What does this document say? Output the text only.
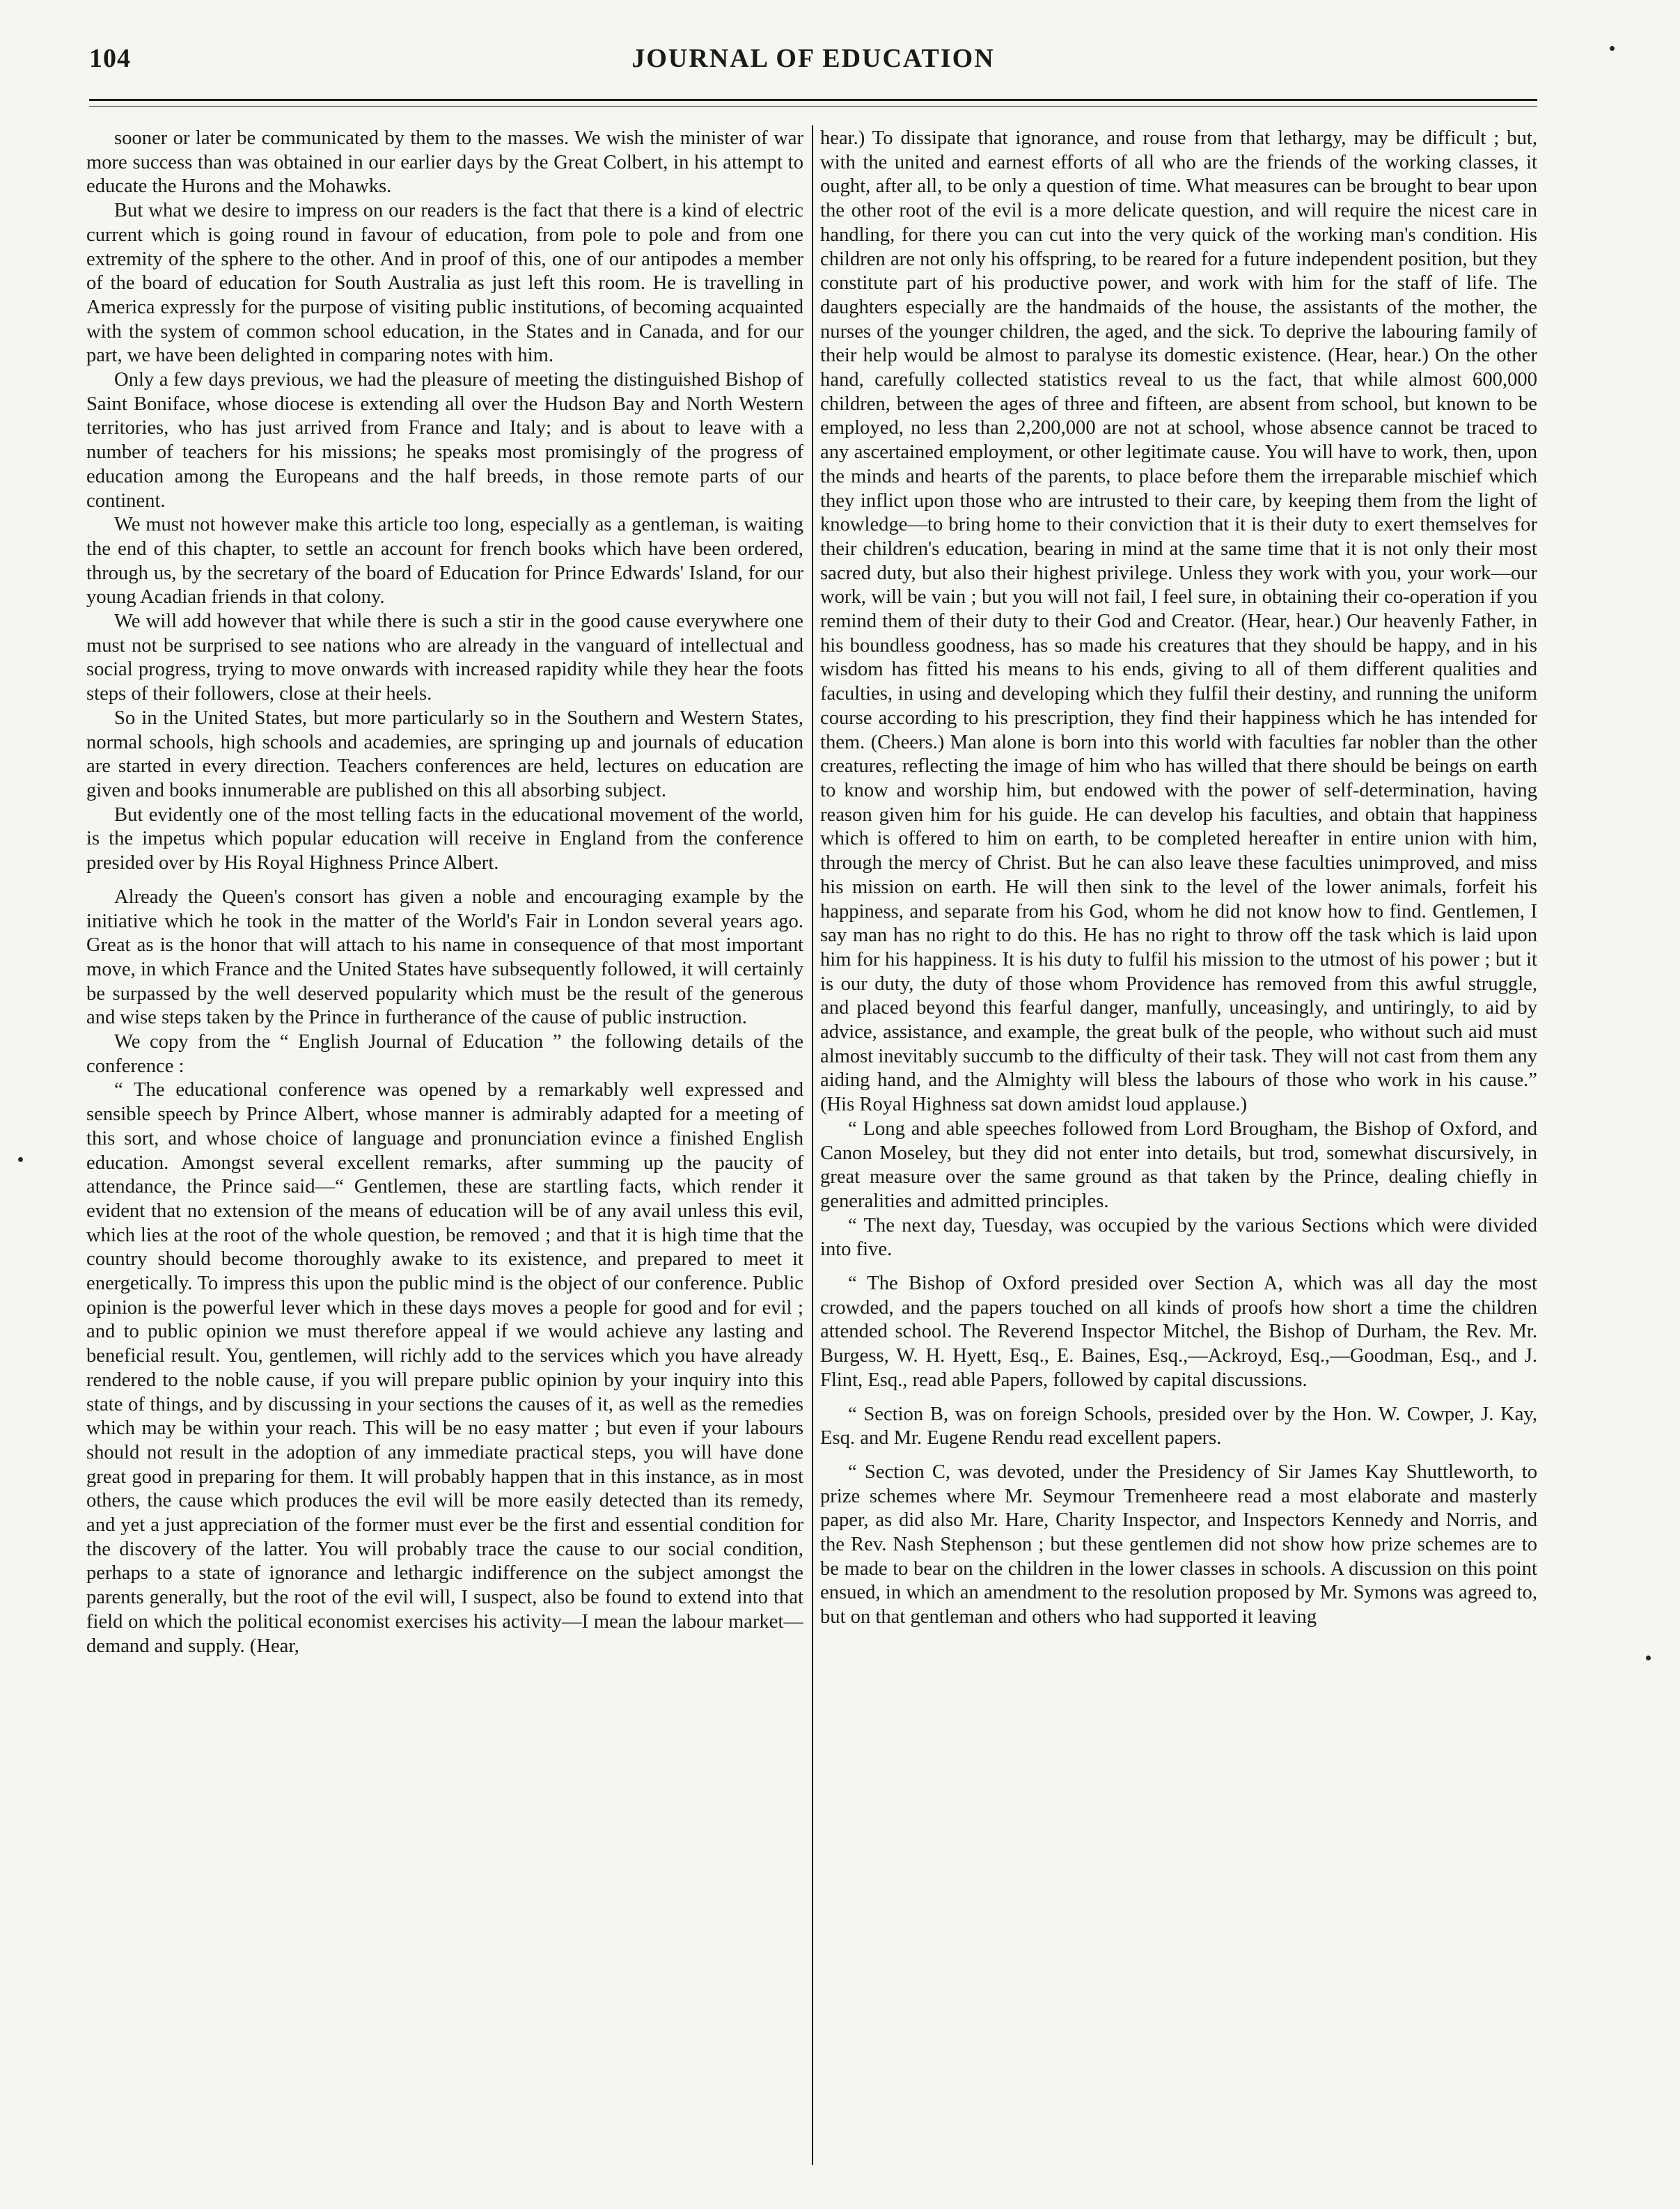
104	JOURNAL OF EDUCATION

sooner or later be communicated by them to the masses. We wish the minister of war more success than was obtained in our earlier days by the Great Colbert, in his attempt to educate the Hurons and the Mohawks.

But what we desire to impress on our readers is the fact that there is a kind of electric current which is going round in favour of education, from pole to pole and from one extremity of the sphere to the other. And in proof of this, one of our antipodes a member of the board of education for South Australia as just left this room. He is travelling in America expressly for the purpose of visiting public institutions, of becoming acquainted with the system of common school education, in the States and in Canada, and for our part, we have been delighted in comparing notes with him.

Only a few days previous, we had the pleasure of meeting the distinguished Bishop of Saint Boniface, whose diocese is extending all over the Hudson Bay and North Western territories, who has just arrived from France and Italy; and is about to leave with a number of teachers for his missions; he speaks most promisingly of the progress of education among the Europeans and the half breeds, in those remote parts of our continent.

We must not however make this article too long, especially as a gentleman, is waiting the end of this chapter, to settle an account for french books which have been ordered, through us, by the secretary of the board of Education for Prince Edwards' Island, for our young Acadian friends in that colony.

We will add however that while there is such a stir in the good cause everywhere one must not be surprised to see nations who are already in the vanguard of intellectual and social progress, trying to move onwards with increased rapidity while they hear the foots steps of their followers, close at their heels.

So in the United States, but more particularly so in the Southern and Western States, normal schools, high schools and academies, are springing up and journals of education are started in every direction. Teachers conferences are held, lectures on education are given and books innumerable are published on this all absorbing subject.

But evidently one of the most telling facts in the educational movement of the world, is the impetus which popular education will receive in England from the conference presided over by His Royal Highness Prince Albert.

Already the Queen's consort has given a noble and encouraging example by the initiative which he took in the matter of the World's Fair in London several years ago. Great as is the honor that will attach to his name in consequence of that most important move, in which France and the United States have subsequently followed, it will certainly be surpassed by the well deserved popularity which must be the result of the generous and wise steps taken by the Prince in furtherance of the cause of public instruction.

We copy from the “ English Journal of Education ” the following details of the conference :

“ The educational conference was opened by a remarkably well expressed and sensible speech by Prince Albert, whose manner is admirably adapted for a meeting of this sort, and whose choice of language and pronunciation evince a finished English education. Amongst several excellent remarks, after summing up the paucity of attendance, the Prince said—“ Gentlemen, these are startling facts, which render it evident that no extension of the means of education will be of any avail unless this evil, which lies at the root of the whole question, be removed ; and that it is high time that the country should become thoroughly awake to its existence, and prepared to meet it energetically. To impress this upon the public mind is the object of our conference. Public opinion is the powerful lever which in these days moves a people for good and for evil ; and to public opinion we must therefore appeal if we would achieve any lasting and beneficial result. You, gentlemen, will richly add to the services which you have already rendered to the noble cause, if you will prepare public opinion by your inquiry into this state of things, and by discussing in your sections the causes of it, as well as the remedies which may be within your reach. This will be no easy matter ; but even if your labours should not result in the adoption of any immediate practical steps, you will have done great good in preparing for them. It will probably happen that in this instance, as in most others, the cause which produces the evil will be more easily detected than its remedy, and yet a just appreciation of the former must ever be the first and essential condition for the discovery of the latter. You will probably trace the cause to our social condition, perhaps to a state of ignorance and lethargic indifference on the subject amongst the parents generally, but the root of the evil will, I suspect, also be found to extend into that field on which the political economist exercises his activity—I mean the labour market—demand and supply. (Hear,

hear.) To dissipate that ignorance, and rouse from that lethargy, may be difficult ; but, with the united and earnest efforts of all who are the friends of the working classes, it ought, after all, to be only a question of time. What measures can be brought to bear upon the other root of the evil is a more delicate question, and will require the nicest care in handling, for there you can cut into the very quick of the working man's condition. His children are not only his offspring, to be reared for a future independent position, but they constitute part of his productive power, and work with him for the staff of life. The daughters especially are the handmaids of the house, the assistants of the mother, the nurses of the younger children, the aged, and the sick. To deprive the labouring family of their help would be almost to paralyse its domestic existence. (Hear, hear.) On the other hand, carefully collected statistics reveal to us the fact, that while almost 600,000 children, between the ages of three and fifteen, are absent from school, but known to be employed, no less than 2,200,000 are not at school, whose absence cannot be traced to any ascertained employment, or other legitimate cause. You will have to work, then, upon the minds and hearts of the parents, to place before them the irreparable mischief which they inflict upon those who are intrusted to their care, by keeping them from the light of knowledge—to bring home to their conviction that it is their duty to exert themselves for their children's education, bearing in mind at the same time that it is not only their most sacred duty, but also their highest privilege. Unless they work with you, your work—our work, will be vain ; but you will not fail, I feel sure, in obtaining their co-operation if you remind them of their duty to their God and Creator. (Hear, hear.) Our heavenly Father, in his boundless goodness, has so made his creatures that they should be happy, and in his wisdom has fitted his means to his ends, giving to all of them different qualities and faculties, in using and developing which they fulfil their destiny, and running the uniform course according to his prescription, they find their happiness which he has intended for them. (Cheers.) Man alone is born into this world with faculties far nobler than the other creatures, reflecting the image of him who has willed that there should be beings on earth to know and worship him, but endowed with the power of self-determination, having reason given him for his guide. He can develop his faculties, and obtain that happiness which is offered to him on earth, to be completed hereafter in entire union with him, through the mercy of Christ. But he can also leave these faculties unimproved, and miss his mission on earth. He will then sink to the level of the lower animals, forfeit his happiness, and separate from his God, whom he did not know how to find. Gentlemen, I say man has no right to do this. He has no right to throw off the task which is laid upon him for his happiness. It is his duty to fulfil his mission to the utmost of his power ; but it is our duty, the duty of those whom Providence has removed from this awful struggle, and placed beyond this fearful danger, manfully, unceasingly, and untiringly, to aid by advice, assistance, and example, the great bulk of the people, who without such aid must almost inevitably succumb to the difficulty of their task. They will not cast from them any aiding hand, and the Almighty will bless the labours of those who work in his cause.” (His Royal Highness sat down amidst loud applause.)

“ Long and able speeches followed from Lord Brougham, the Bishop of Oxford, and Canon Moseley, but they did not enter into details, but trod, somewhat discursively, in great measure over the same ground as that taken by the Prince, dealing chiefly in generalities and admitted principles.

“ The next day, Tuesday, was occupied by the various Sections which were divided into five.

“ The Bishop of Oxford presided over Section A, which was all day the most crowded, and the papers touched on all kinds of proofs how short a time the children attended school. The Reverend Inspector Mitchel, the Bishop of Durham, the Rev. Mr. Burgess, W. H. Hyett, Esq., E. Baines, Esq.,—Ackroyd, Esq.,—Goodman, Esq., and J. Flint, Esq., read able Papers, followed by capital discussions.

“ Section B, was on foreign Schools, presided over by the Hon. W. Cowper, J. Kay, Esq. and Mr. Eugene Rendu read excellent papers.

“ Section C, was devoted, under the Presidency of Sir James Kay Shuttleworth, to prize schemes where Mr. Seymour Tremenheere read a most elaborate and masterly paper, as did also Mr. Hare, Charity Inspector, and Inspectors Kennedy and Norris, and the Rev. Nash Stephenson ; but these gentlemen did not show how prize schemes are to be made to bear on the children in the lower classes in schools. A discussion on this point ensued, in which an amendment to the resolution proposed by Mr. Symons was agreed to, but on that gentleman and others who had supported it leaving
